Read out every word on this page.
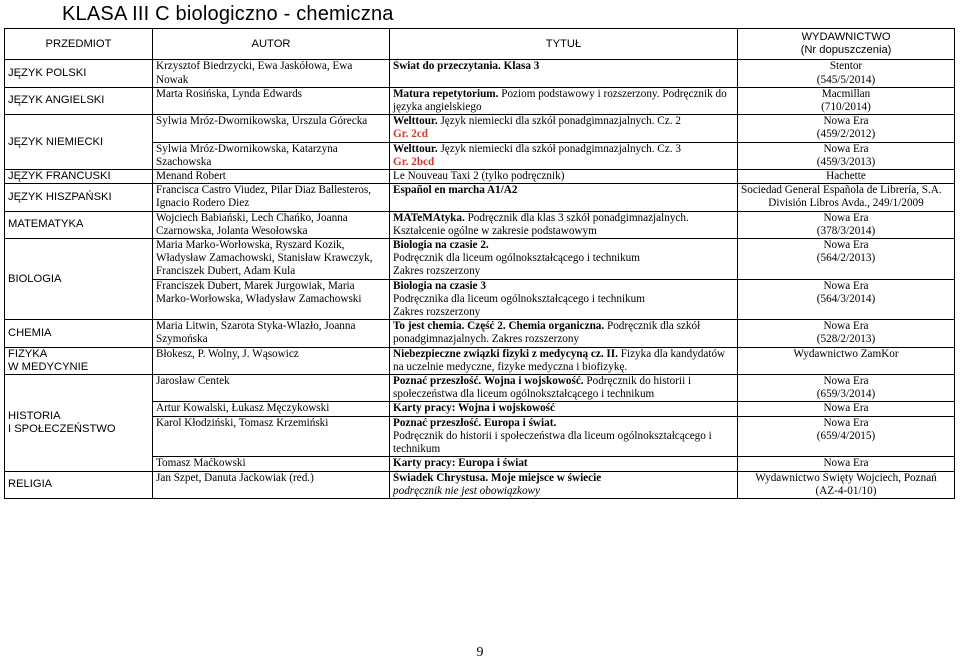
KLASA III C biologiczno - chemiczna
PRZEDMIOT	AUTOR	TYTUŁ	WYDAWNICTWO
(Nr dopuszczenia)

JĘZYK POLSKI	Krzysztof Biedrzycki, Ewa Jaskółowa, Ewa Nowak	Świat do przeczytania. Klasa 3	Stentor
(545/5/2014)

JĘZYK ANGIELSKI	Marta Rosińska, Lynda Edwards	Matura repetytorium. Poziom podstawowy i rozszerzony. Podręcznik do języka angielskiego	Macmillan
(710/2014)

JĘZYK NIEMIECKI	Sylwia Mróz-Dwornikowska, Urszula Górecka	Welttour. Język niemiecki dla szkół ponadgimnazjalnych. Cz. 2
Gr. 2cd	Nowa Era
(459/2/2012)

	Sylwia Mróz-Dwornikowska, Katarzyna Szachowska	Welttour. Język niemiecki dla szkół ponadgimnazjalnych. Cz. 3
Gr. 2bcd	Nowa Era
(459/3/2013)

JĘZYK FRANCUSKI	Menand Robert	Le Nouveau Taxi 2 (tylko podręcznik)	Hachette
JĘZYK HISZPAŃSKI	Francisca Castro Viudez, Pilar Diaz Ballesteros, Ignacio Rodero Diez	Español en marcha A1/A2	Sociedad General Española de Librería, S.A.
División Libros Avda., 249/1/2009

MATEMATYKA	Wojciech Babiański, Lech Chańko, Joanna Czarnowska, Jolanta Wesołowska	MATeMAtyka. Podręcznik dla klas 3 szkół ponadgimnazjalnych. Kształcenie ogólne w zakresie podstawowym	Nowa Era
(378/3/2014)

BIOLOGIA	Maria Marko-Worłowska, Ryszard Kozik, Władysław Zamachowski, Stanisław Krawczyk, Franciszek Dubert, Adam Kula	Biologia na czasie 2.
Podręcznik dla liceum ogólnokształcącego i technikum
Zakres rozszerzony	Nowa Era
(564/2/2013)

	Franciszek Dubert, Marek Jurgowiak, Maria Marko-Worłowska, Władysław Zamachowski	Biologia na czasie 3
Podręcznika dla liceum ogólnokształcącego i technikum
Zakres rozszerzony	Nowa Era
(564/3/2014)

CHEMIA	Maria Litwin, Szarota Styka-Wlazło, Joanna Szymońska	To jest chemia. Część 2. Chemia organiczna. Podręcznik dla szkół ponadgimnazjalnych. Zakres rozszerzony	Nowa Era
(528/2/2013)

FIZYKA
W MEDYCYNIE	Błokesz, P. Wolny, J. Wąsowicz	Niebezpieczne związki fizyki z medycyną cz. II. Fizyka dla kandydatów na uczelnie medyczne, fizyke medyczna i biofizykę.	Wydawnictwo ZamKor

HISTORIA
I SPOŁECZEŃSTWO	Jarosław Centek	Poznać przeszłość. Wojna i wojskowość. Podręcznik do historii i społeczeństwa dla liceum ogólnokształcącego i technikum	Nowa Era
(659/3/2014)

	Artur Kowalski, Łukasz Męczykowski	Karty pracy: Wojna i wojskowość	Nowa Era
	Karol Kłodziński, Tomasz Krzemiński	Poznać przeszłość. Europa i świat.
Podręcznik do historii i społeczeństwa dla liceum ogólnokształcącego i technikum	Nowa Era
(659/4/2015)

	Tomasz Maćkowski	Karty pracy: Europa i świat	Nowa Era
RELIGIA	Jan Szpet, Danuta Jackowiak (red.)	Świadek Chrystusa. Moje miejsce w świecie
podręcznik nie jest obowiązkowy	Wydawnictwo Święty Wojciech, Poznań
(AZ-4-01/10)
9
